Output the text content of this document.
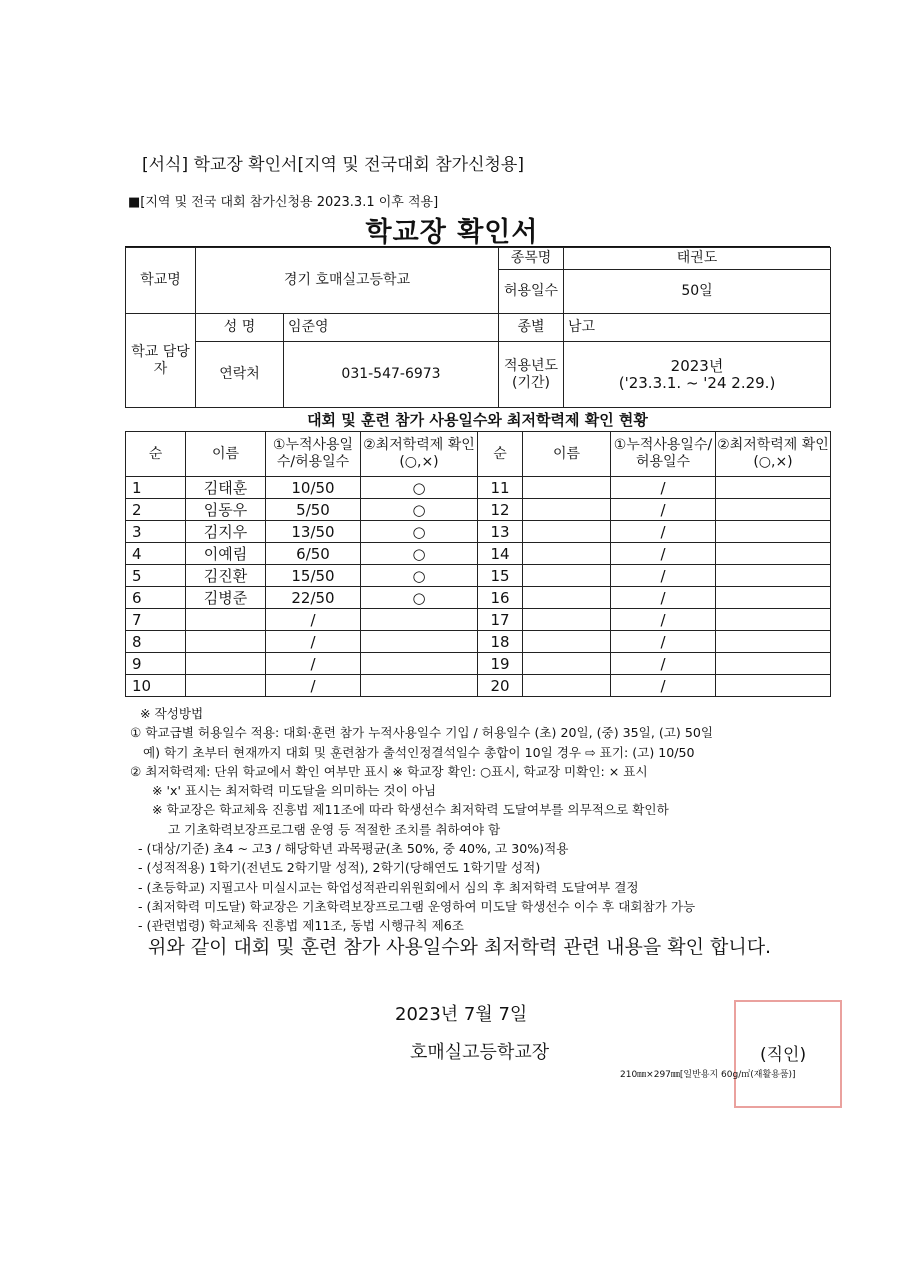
[서식] 학교장 확인서[지역 및 전국대회 참가신청용]
■[지역 및 전국 대회 참가신청용 2023.3.1 이후 적용]
학교장 확인서
학교명	경기 호매실고등학교		종목명	태권도
			허용일수	50일
학교 담당자	성 명	임준영	종별	남고
	연락처	031-547-6973	적용년도 (기간)	2023년
('23.3.1. ~ '24 2.29.)
대회 및 훈련 참가 사용일수와 최저학력제 확인 현황
순	이름	①누적사용일수/허용일수	②최저학력제 확인(○,×)	순	이름	①누적사용일수/허용일수	②최저학력제 확인(○,×)
1	김태훈	10/50	○	11		/	
2	임동우	5/50	○	12		/	
3	김지우	13/50	○	13		/	
4	이예림	6/50	○	14		/	
5	김진환	15/50	○	15		/	
6	김병준	22/50	○	16		/	
7		/		17		/	
8		/		18		/	
9		/		19		/	
10		/		20		/	
※ 작성방법
① 학교급별 허용일수 적용: 대회·훈련 참가 누적사용일수 기입 / 허용일수 (초) 20일, (중) 35일, (고) 50일
예) 학기 초부터 현재까지 대회 및 훈련참가 출석인정결석일수 총합이 10일 경우 ⇨ 표기: (고) 10/50
② 최저학력제: 단위 학교에서 확인 여부만 표시 ※ 학교장 확인: ○표시, 학교장 미확인: × 표시
※ 'x' 표시는 최저학력 미도달을 의미하는 것이 아님
※ 학교장은 학교체육 진흥법 제11조에 따라 학생선수 최저학력 도달여부를 의무적으로 확인하
고 기초학력보장프로그램 운영 등 적절한 조치를 취하여야 함
- (대상/기준) 초4 ~ 고3 / 해당학년 과목평균(초 50%, 중 40%, 고 30%)적용
- (성적적용) 1학기(전년도 2학기말 성적), 2학기(당해연도 1학기말 성적)
- (초등학교) 지필고사 미실시교는 학업성적관리위원회에서 심의 후 최저학력 도달여부 결정
- (최저학력 미도달) 학교장은 기초학력보장프로그램 운영하여 미도달 학생선수 이수 후 대회참가 가능
- (관련법령) 학교체육 진흥법 제11조, 동법 시행규칙 제6조
위와 같이 대회 및 훈련 참가 사용일수와 최저학력 관련 내용을 확인 합니다.
2023년 7월 7일
호매실고등학교장	(직인)
210㎜×297㎜[일반용지 60g/㎡(재활용품)]
